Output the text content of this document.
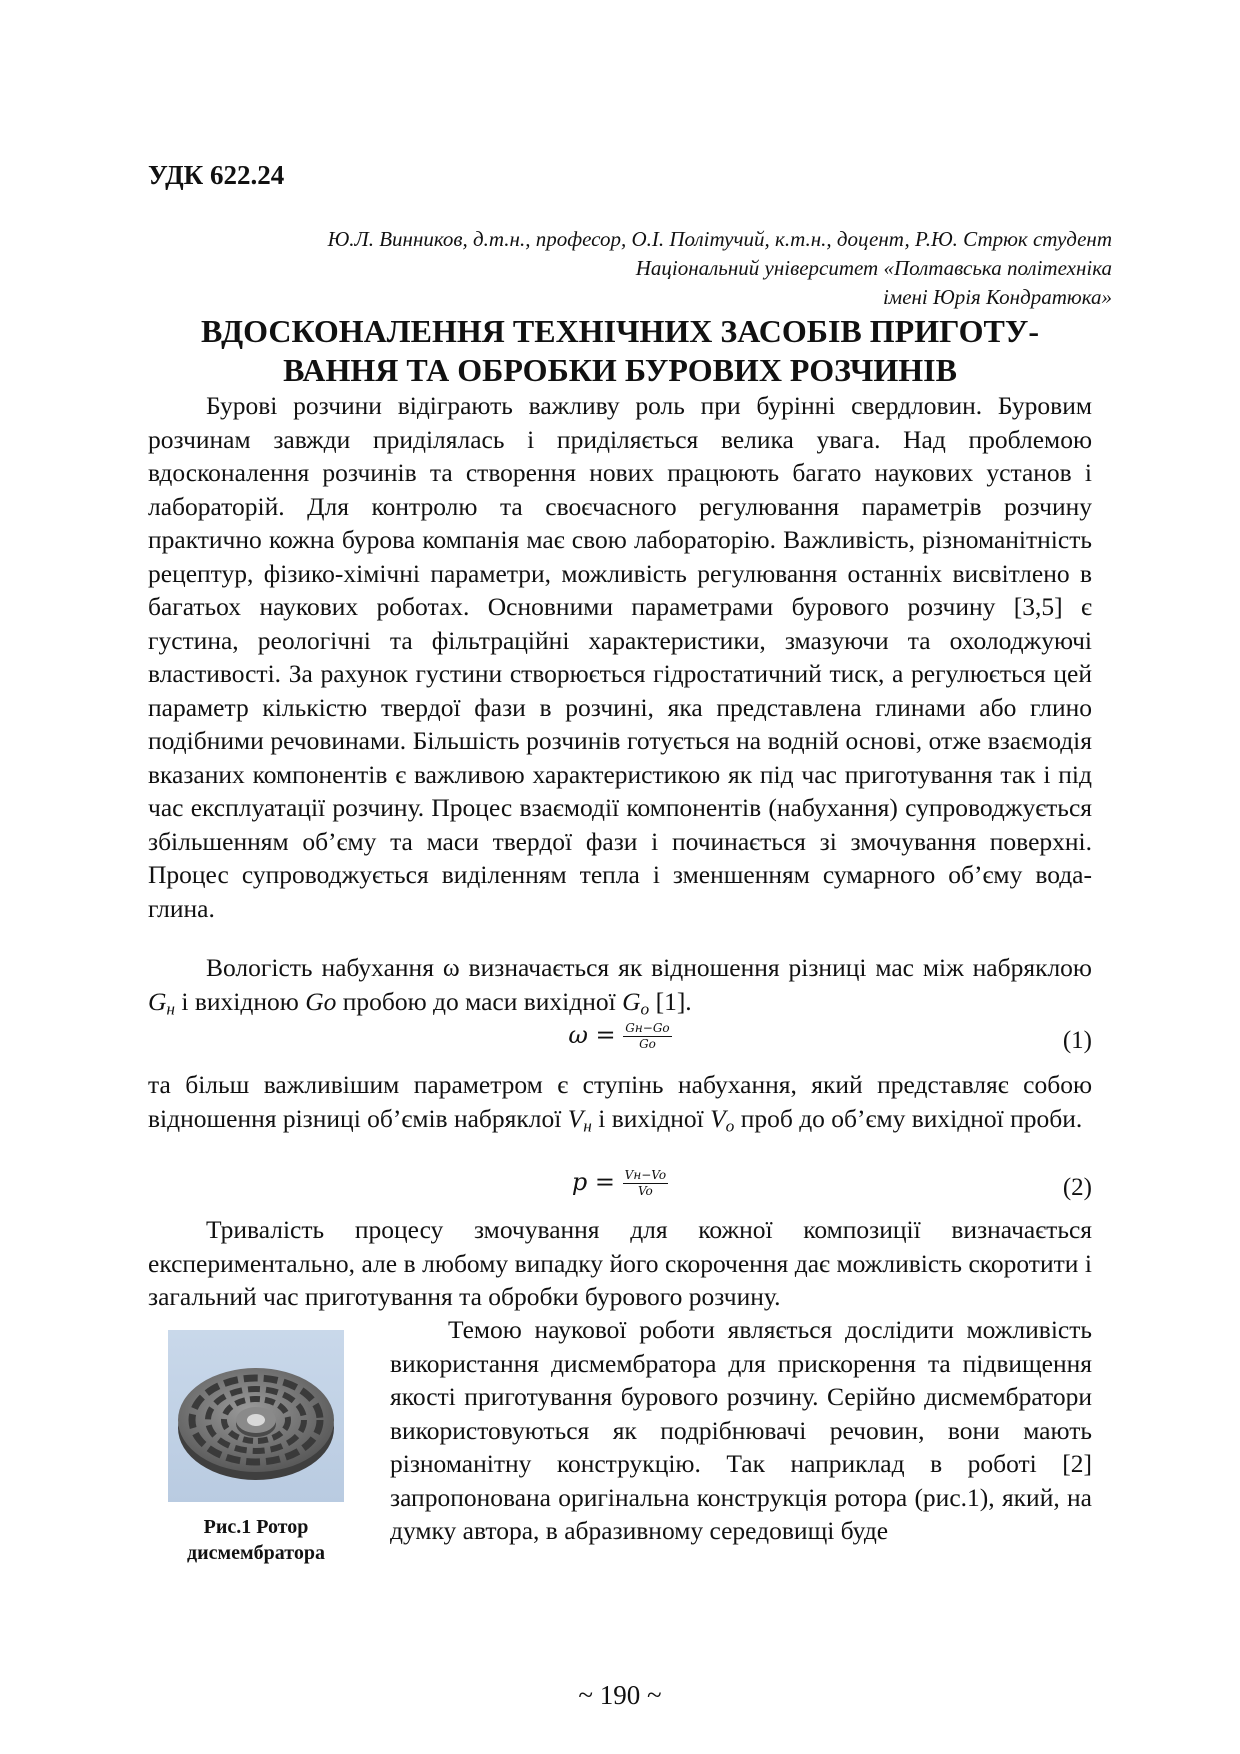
УДК 622.24
Ю.Л. Винников, д.т.н., професор, О.І. Політучий, к.т.н., доцент, Р.Ю. Стрюк студент
Національний університет «Полтавська політехніка
імені Юрія Кондратюка»
ВДОСКОНАЛЕННЯ ТЕХНІЧНИХ ЗАСОБІВ ПРИГОТУ-
ВАННЯ ТА ОБРОБКИ БУРОВИХ РОЗЧИНІВ

Бурові розчини відіграють важливу роль при бурінні свердловин. Буровим розчинам завжди приділялась і приділяється велика увага. Над проблемою вдосконалення розчинів та створення нових працюють багато наукових установ і лабораторій. Для контролю та своєчасного регулювання параметрів розчину практично кожна бурова компанія має свою лабораторію. Важливість, різноманітність рецептур, фізико-хімічні параметри, можливість регулювання останніх висвітлено в багатьох наукових роботах. Основними параметрами бурового розчину [3,5] є густина, реологічні та фільтраційні характеристики, змазуючи та охолоджуючі властивості. За рахунок густини створюється гідростатичний тиск, а регулюється цей параметр кількістю твердої фази в розчині, яка представлена глинами або глино подібними речовинами. Більшість розчинів готується на водній основі, отже взаємодія вказаних компонентів є важливою характеристикою як під час приготування так і під час експлуатації розчину. Процес взаємодії компонентів (набухання) супроводжується збільшенням об’єму та маси твердої фази і починається зі змочування поверхні. Процес супроводжується виділенням тепла і зменшенням сумарного об’єму вода-глина.

Вологість набухання ω визначається як відношення різниці мас між набряклою $G_н$ і вихідною Go пробою до маси вихідної $G_o$ [1].

$\omega = \frac{Gн-Go}{Go}$	(1)

та більш важливішим параметром є ступінь набухання, який представляє собою відношення різниці об’ємів набряклої $V_н$ і вихідної $V_o$ проб до об’єму вихідної проби.

$p = \frac{Vн-Vo}{Vo}$	(2)

Тривалість процесу змочування для кожної композиції визначається експериментально, але в любому випадку його скорочення дає можливість скоротити і загальний час приготування та обробки бурового розчину.

Рис.1 Ротор
дисмембратора

Темою наукової роботи являється дослідити можливість використання дисмембратора для прискорення та підвищення якості приготування бурового розчину. Серійно дисмембратори використовуються як подрібнювачі речовин, вони мають різноманітну конструкцію. Так наприклад в роботі [2] запропонована оригінальна конструкція ротора (рис.1), який, на думку автора, в абразивному середовищі буде

~ 190 ~
